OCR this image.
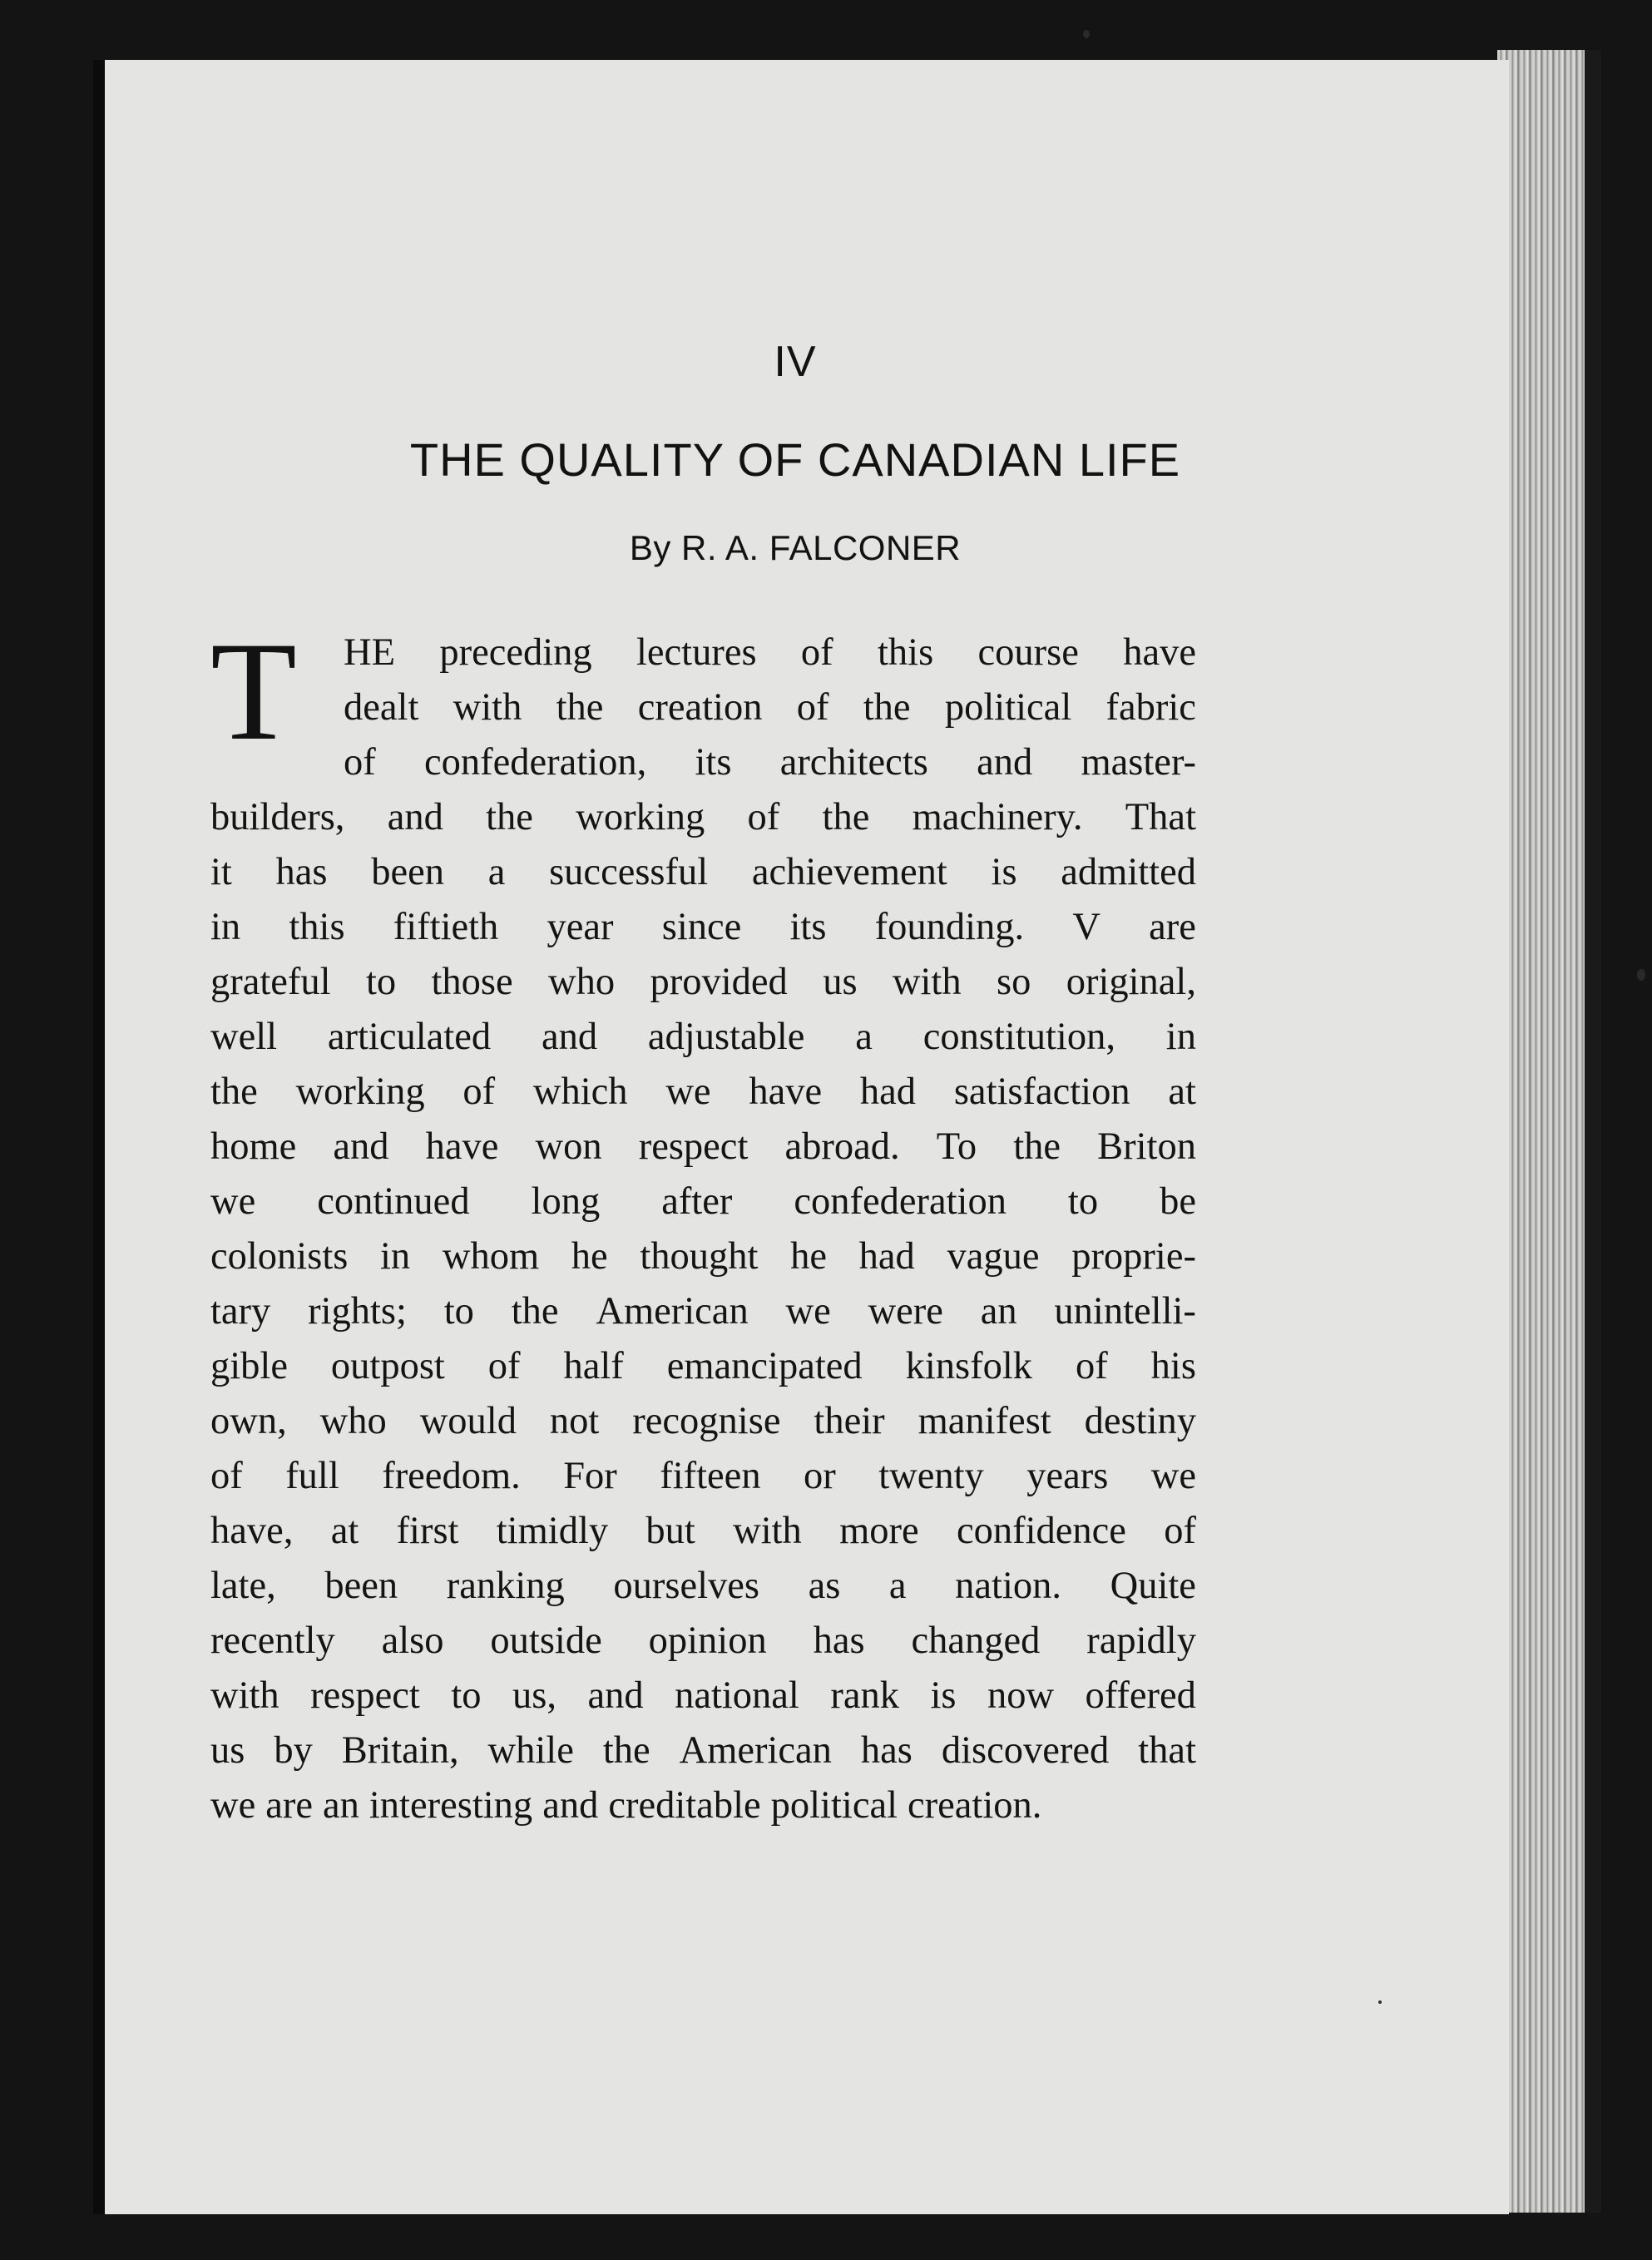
IV
THE QUALITY OF CANADIAN LIFE
By R. A. FALCONER
T HE preceding lectures of this course have
dealt with the creation of the political fabric
of confederation, its architects and master-
builders, and the working of the machinery. That
it has been a successful achievement is admitted
in this fiftieth year since its founding. V are
grateful to those who provided us with so original,
well articulated and adjustable a constitution, in
the working of which we have had satisfaction at
home and have won respect abroad. To the Briton
we continued long after confederation to be
colonists in whom he thought he had vague proprie-
tary rights; to the American we were an unintelli-
gible outpost of half emancipated kinsfolk of his
own, who would not recognise their manifest destiny
of full freedom. For fifteen or twenty years we
have, at first timidly but with more confidence of
late, been ranking ourselves as a nation. Quite
recently also outside opinion has changed rapidly
with respect to us, and national rank is now offered
us by Britain, while the American has discovered that
we are an interesting and creditable political creation.
